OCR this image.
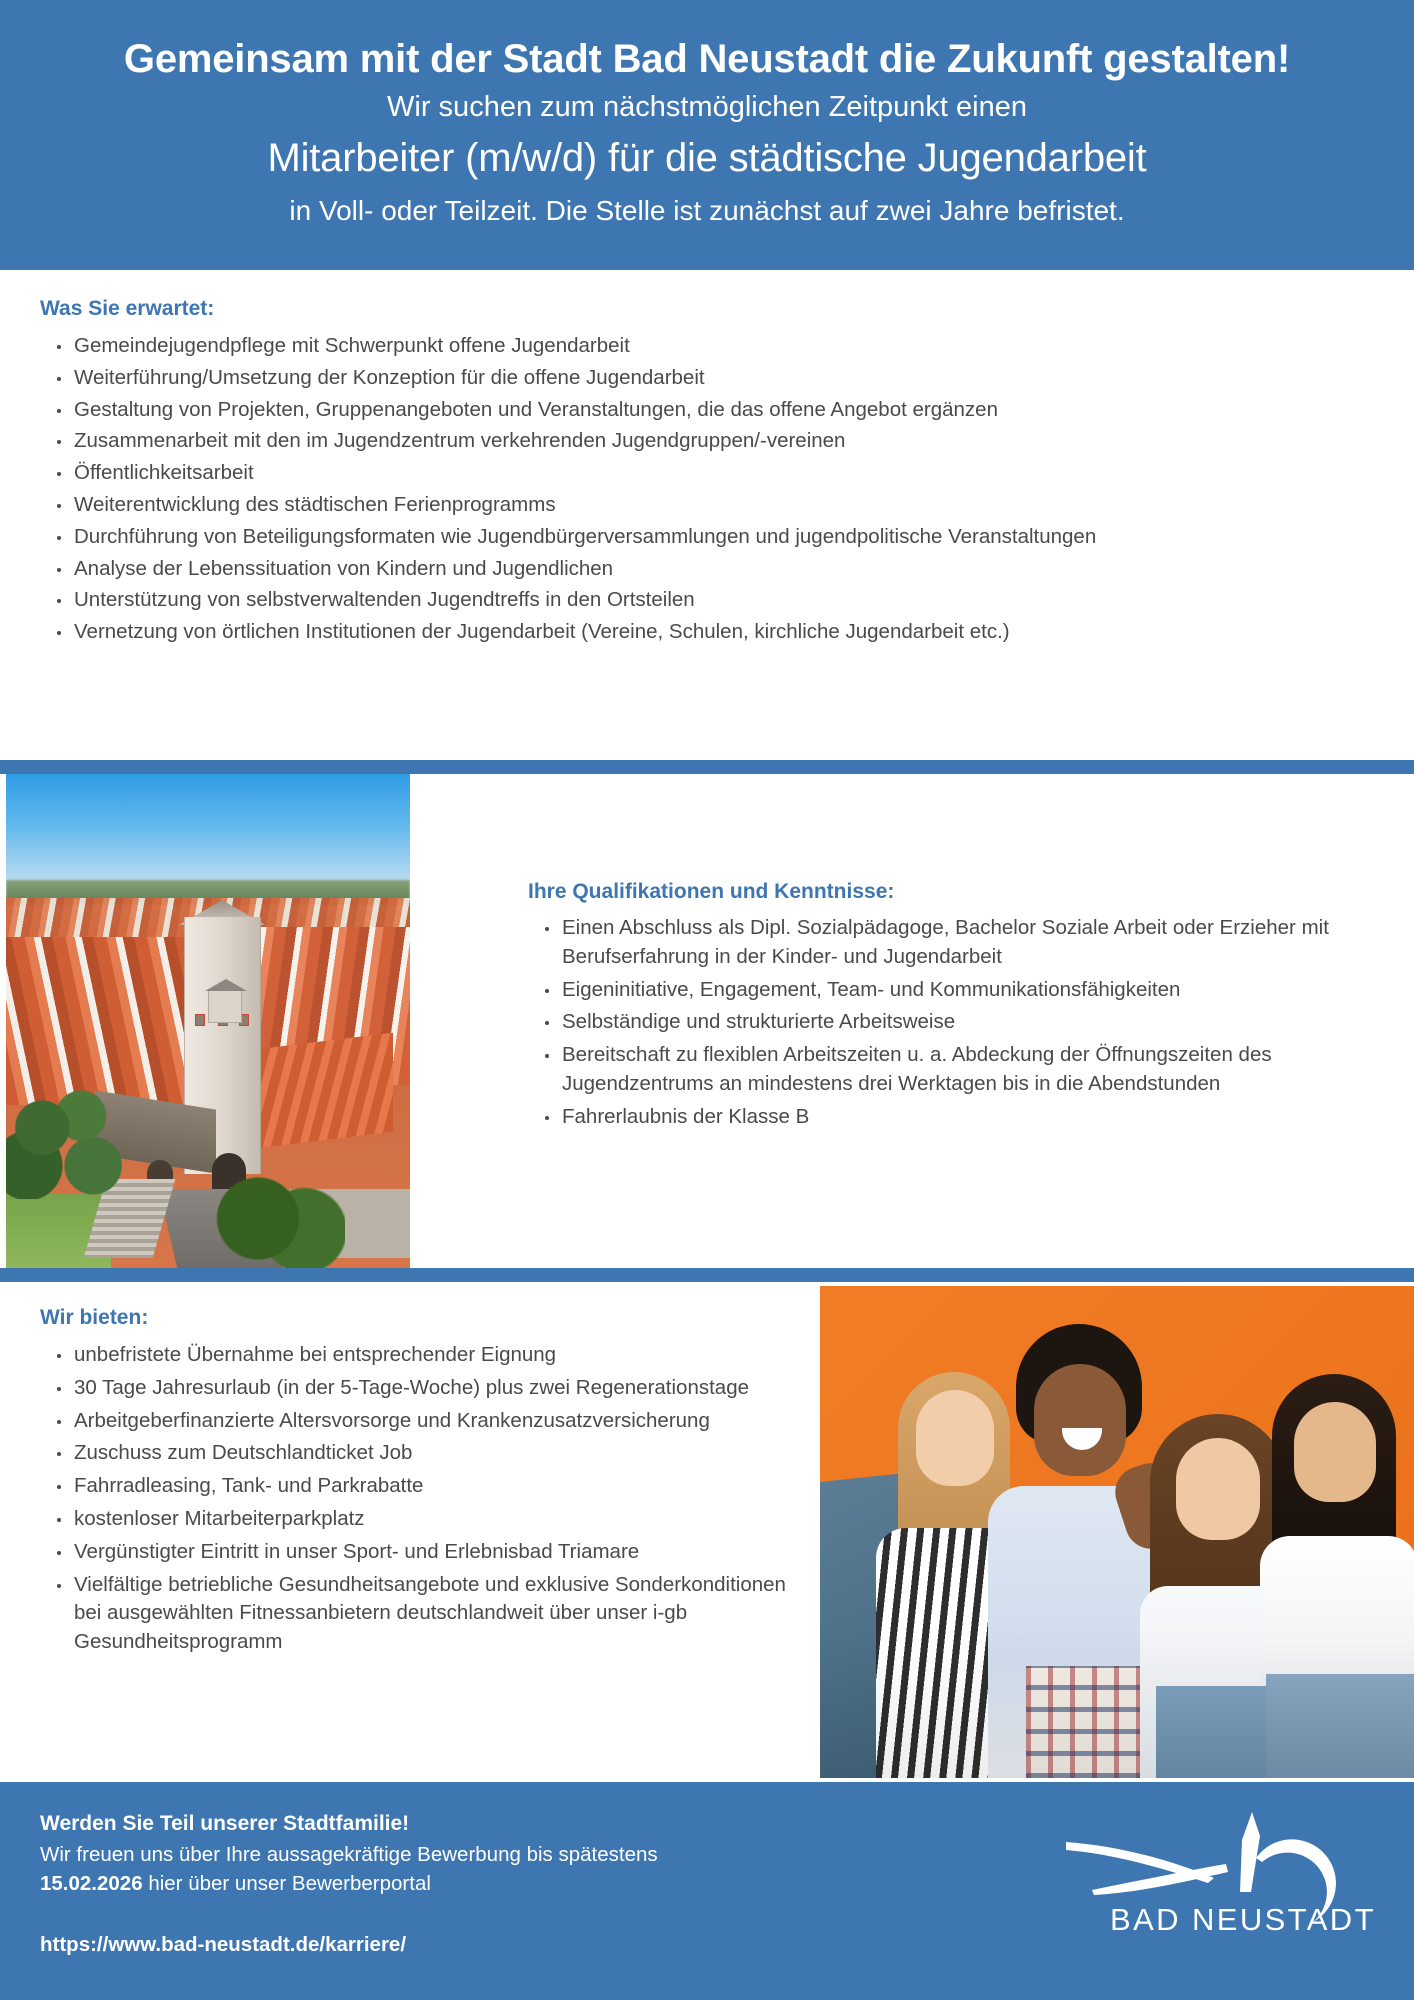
Gemeinsam mit der Stadt Bad Neustadt die Zukunft gestalten!
Wir suchen zum nächstmöglichen Zeitpunkt einen
Mitarbeiter (m/w/d) für die städtische Jugendarbeit
in Voll- oder Teilzeit. Die Stelle ist zunächst auf zwei Jahre befristet.
Was Sie erwartet:
Gemeindejugendpflege mit Schwerpunkt offene Jugendarbeit
Weiterführung/Umsetzung der Konzeption für die offene Jugendarbeit
Gestaltung von Projekten, Gruppenangeboten und Veranstaltungen, die das offene Angebot ergänzen
Zusammenarbeit mit den im Jugendzentrum verkehrenden Jugendgruppen/-vereinen
Öffentlichkeitsarbeit
Weiterentwicklung des städtischen Ferienprogramms
Durchführung von Beteiligungsformaten wie Jugendbürgerversammlungen und jugendpolitische Veranstaltungen
Analyse der Lebenssituation von Kindern und Jugendlichen
Unterstützung von selbstverwaltenden Jugendtreffs in den Ortsteilen
Vernetzung von örtlichen Institutionen der Jugendarbeit (Vereine, Schulen, kirchliche Jugendarbeit etc.)
Ihre Qualifikationen und Kenntnisse:
Einen Abschluss als Dipl. Sozialpädagoge, Bachelor Soziale Arbeit oder Erzieher mit Berufserfahrung in der Kinder- und Jugendarbeit
Eigeninitiative, Engagement, Team- und Kommunikationsfähigkeiten
Selbständige und strukturierte Arbeitsweise
Bereitschaft zu flexiblen Arbeitszeiten u. a. Abdeckung der Öffnungszeiten des Jugendzentrums an mindestens drei Werktagen bis in die Abendstunden
Fahrerlaubnis der Klasse B
Wir bieten:
unbefristete Übernahme bei entsprechender Eignung
30 Tage Jahresurlaub (in der 5-Tage-Woche) plus zwei Regenerationstage
Arbeitgeberfinanzierte Altersvorsorge und Krankenzusatzversicherung
Zuschuss zum Deutschlandticket Job
Fahrradleasing, Tank- und Parkrabatte
kostenloser Mitarbeiterparkplatz
Vergünstigter Eintritt in unser Sport- und Erlebnisbad Triamare
Vielfältige betriebliche Gesundheitsangebote und exklusive Sonderkonditionen bei ausgewählten Fitnessanbietern deutschlandweit über unser i-gb Gesundheitsprogramm
Werden Sie Teil unserer Stadtfamilie!
Wir freuen uns über Ihre aussagekräftige Bewerbung bis spätestens
15.02.2026 hier über unser Bewerberportal
https://www.bad-neustadt.de/karriere/
BAD NEUSTADT
